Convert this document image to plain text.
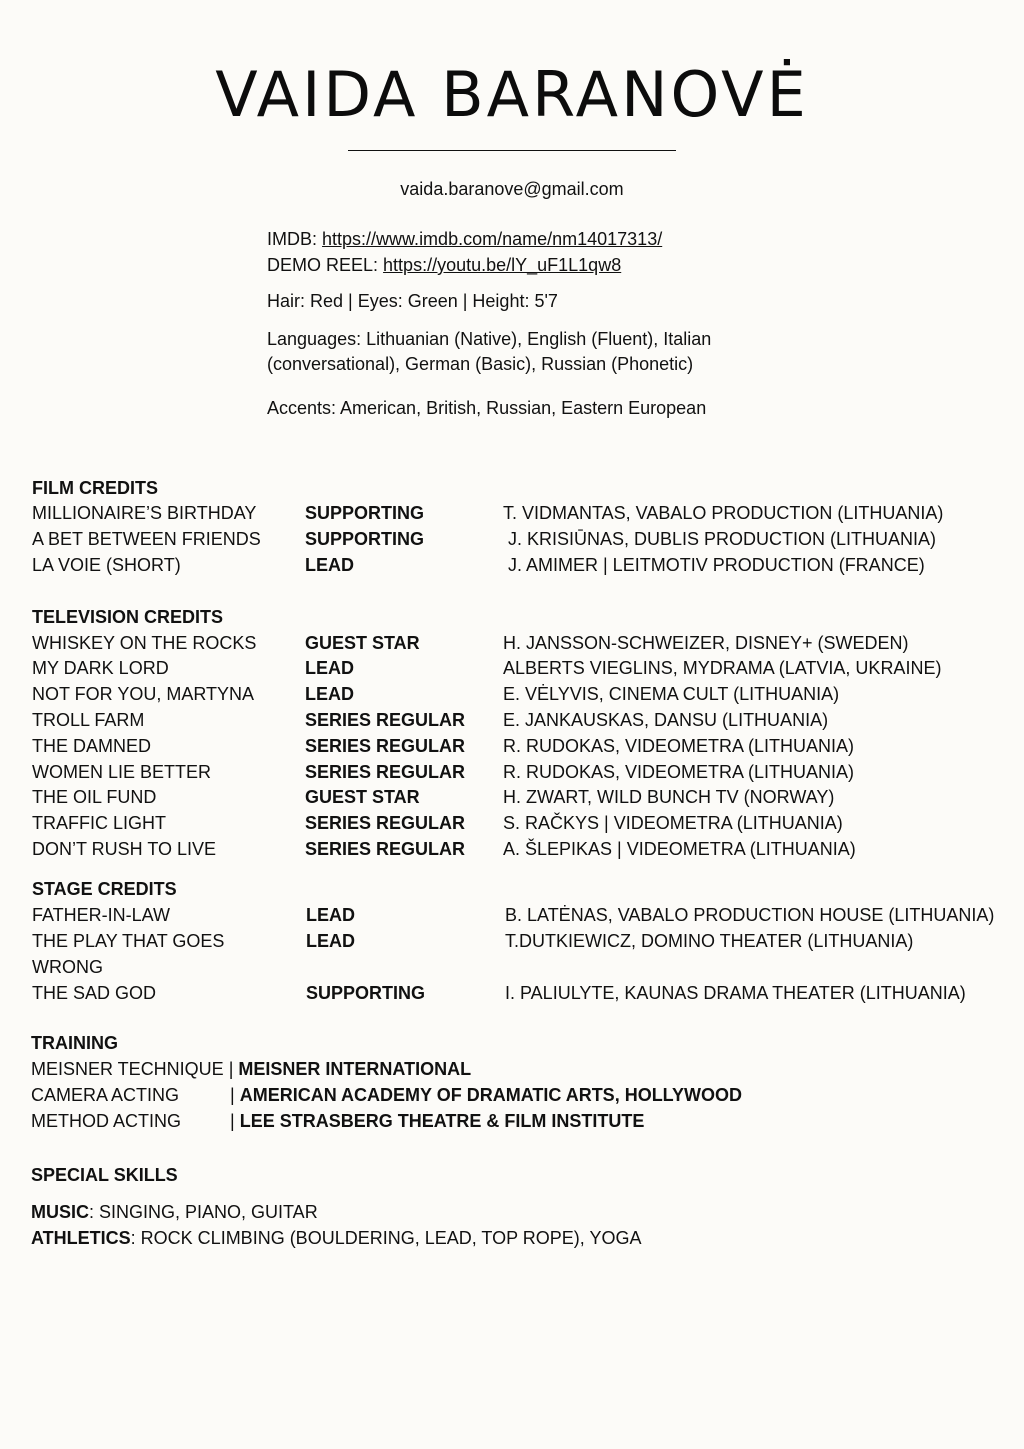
VAIDA BARANOVĖ
vaida.baranove@gmail.com
IMDB: https://www.imdb.com/name/nm14017313/
DEMO REEL: https://youtu.be/lY_uF1L1qw8
Hair: Red | Eyes: Green | Height: 5'7
Languages: Lithuanian (Native), English (Fluent), Italian (conversational), German (Basic), Russian (Phonetic)
Accents: American, British, Russian, Eastern European
FILM CREDITS
MILLIONAIRE’S BIRTHDAY	SUPPORTING	T. VIDMANTAS, VABALO PRODUCTION (LITHUANIA)
A BET BETWEEN FRIENDS SUPPORTING	J. KRISIŪNAS, DUBLIS PRODUCTION (LITHUANIA)
LA VOIE (SHORT)	LEAD	J. AMIMER | LEITMOTIV PRODUCTION (FRANCE)
TELEVISION CREDITS
WHISKEY ON THE ROCKS	GUEST STAR	H. JANSSON-SCHWEIZER, DISNEY+ (SWEDEN)
MY DARK LORD	LEAD	ALBERTS VIEGLINS, MYDRAMA (LATVIA, UKRAINE)
NOT FOR YOU, MARTYNA	LEAD	E. VĖLYVIS, CINEMA CULT (LITHUANIA)
TROLL FARM	SERIES REGULAR E. JANKAUSKAS, DANSU (LITHUANIA)
THE DAMNED	SERIES REGULAR R. RUDOKAS, VIDEOMETRA (LITHUANIA)
WOMEN LIE BETTER	SERIES REGULAR R. RUDOKAS, VIDEOMETRA (LITHUANIA)
THE OIL FUND	GUEST STAR	H. ZWART, WILD BUNCH TV (NORWAY)
TRAFFIC LIGHT	SERIES REGULAR S. RAČKYS | VIDEOMETRA (LITHUANIA)
DON’T RUSH TO LIVE	SERIES REGULAR A. ŠLEPIKAS | VIDEOMETRA (LITHUANIA)
STAGE CREDITS
FATHER-IN-LAW	LEAD	B. LATĖNAS, VABALO PRODUCTION HOUSE (LITHUANIA)
THE PLAY THAT GOES	LEAD	T.DUTKIEWICZ, DOMINO THEATER (LITHUANIA)
WRONG
THE SAD GOD	SUPPORTING	I. PALIULYTE, KAUNAS DRAMA THEATER (LITHUANIA)
TRAINING
MEISNER TECHNIQUE | MEISNER INTERNATIONAL
CAMERA ACTING	| AMERICAN ACADEMY OF DRAMATIC ARTS, HOLLYWOOD
METHOD ACTING	| LEE STRASBERG THEATRE & FILM INSTITUTE
SPECIAL SKILLS
MUSIC: SINGING, PIANO, GUITAR
ATHLETICS: ROCK CLIMBING (BOULDERING, LEAD, TOP ROPE), YOGA
